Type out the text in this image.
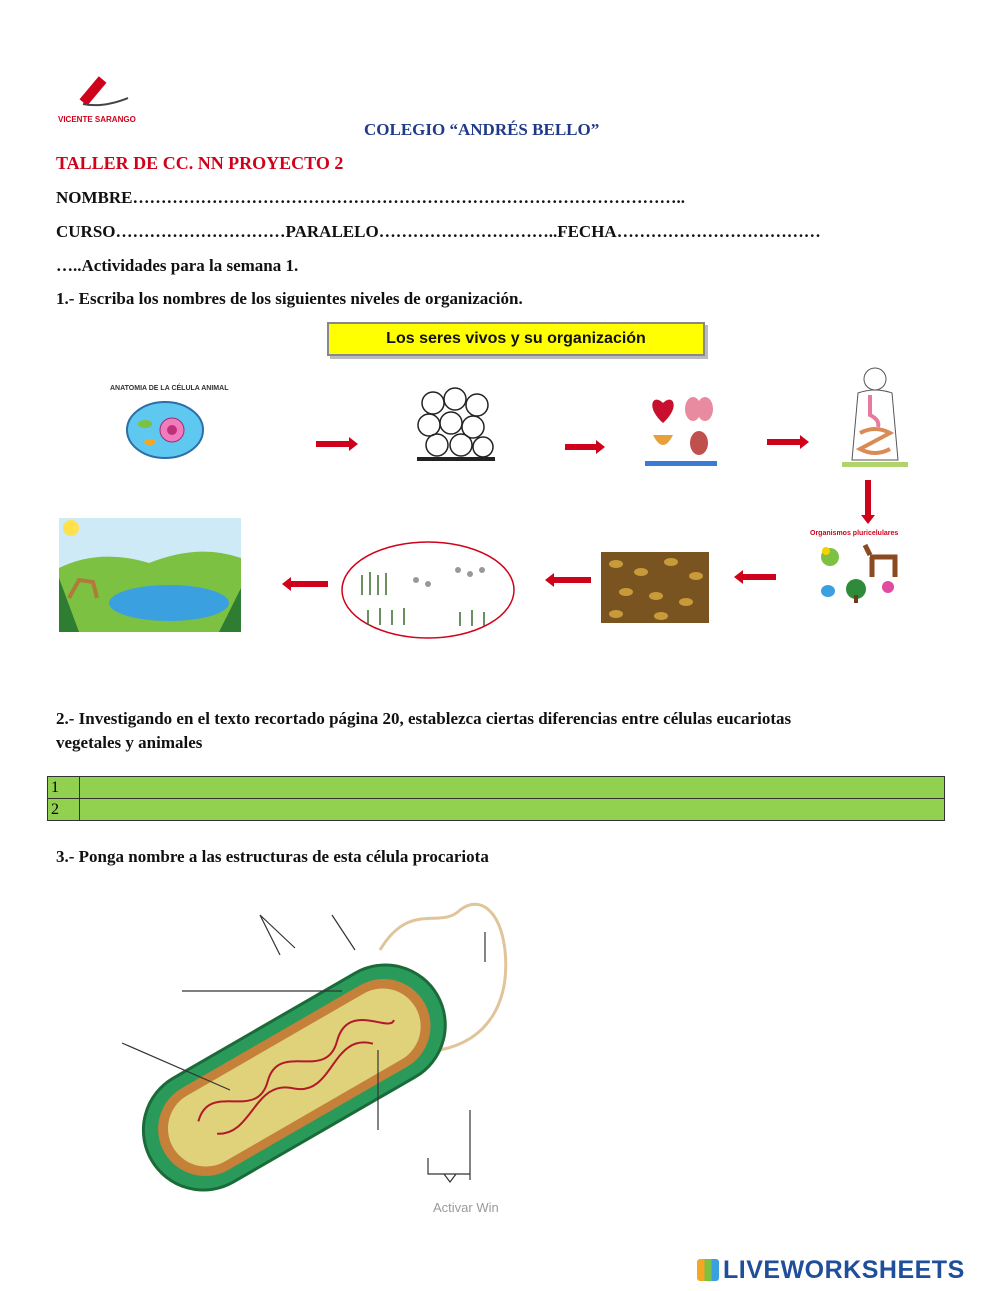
VICENTE SARANGO
COLEGIO “ANDRÉS BELLO”
TALLER DE CC. NN PROYECTO 2
NOMBRE……………………………………………………………………………………..
CURSO…………………………PARALELO…………………………..FECHA………………………………
…..Actividades para la semana 1.
1.- Escriba los nombres de los siguientes niveles de organización.
Los seres vivos y su organización
ANATOMIA DE LA CÉLULA ANIMAL
Organismos pluricelulares
2.- Investigando en el texto recortado página 20, establezca ciertas diferencias entre células eucariotas
vegetales y animales
1	
2	
3.- Ponga nombre a las estructuras de esta célula procariota
Activar Win
LIVEWORKSHEETS
